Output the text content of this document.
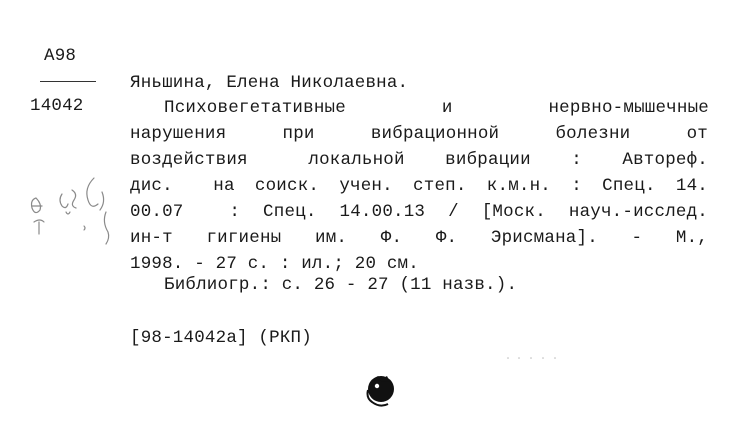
A98
14042
Яньшина, Елена Николаевна.
Психовегетативные    и    нервно-мышечные
нарушения   при   вибрационной   болезни   от
воздействия   локальной  вибрации  :  Автореф.
дис.  на соиск. учен. степ. к.м.н. : Спец. 14.
00.07  : Спец. 14.00.13 / [Моск. науч.-исслед.
ин-т  гигиены  им.  Ф.  Ф.  Эрисмана].  -  М.,
1998. - 27 с. : ил.; 20 см.
Библиогр.: с. 26 - 27 (11 назв.).
[98-14042а] (РКП)
